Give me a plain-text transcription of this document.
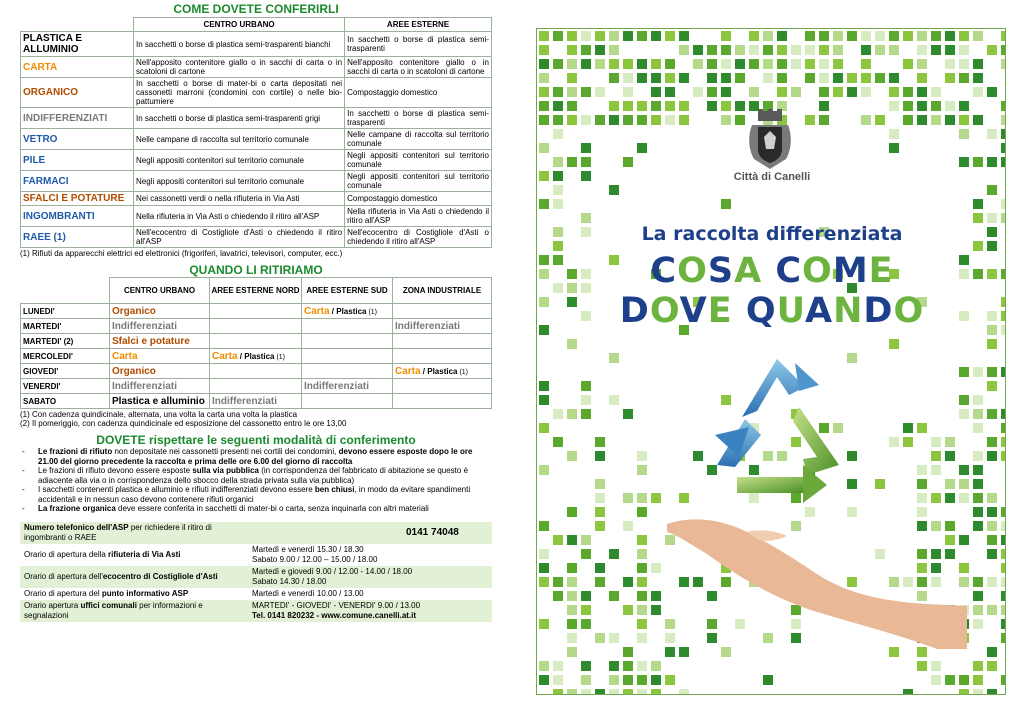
COME DOVETE CONFERIRLI
	CENTRO URBANO	AREE ESTERNE
PLASTICA E ALLUMINIO	In sacchetti o borse di plastica semi-trasparenti bianchi	In sacchetti o borse di plastica semi-trasparenti
CARTA	Nell'apposito contenitore giallo o in sacchi di carta o in scatoloni di cartone	Nell'apposito contenitore giallo o in sacchi di carta o in scatoloni di cartone
ORGANICO	In sacchetti o borse di mater-bi o carta depositati nei cassonetti marroni (condomini con cortile) o nelle bio-pattumiere	Compostaggio domestico
INDIFFERENZIATI	In sacchetti o borse di plastica semi-trasparenti grigi	In sacchetti o borse di plastica semi-trasparenti
VETRO	Nelle campane di raccolta sul territorio comunale	Nelle campane di raccolta sul territorio comunale
PILE	Negli appositi contenitori sul territorio comunale	Negli appositi contenitori sul territorio comunale
FARMACI	Negli appositi contenitori sul territorio comunale	Negli appositi contenitori sul territorio comunale
SFALCI E POTATURE	Nei cassonetti verdi o nella rifiuteria in Via Asti	Compostaggio domestico
INGOMBRANTI	Nella rifiuteria in Via Asti o chiedendo il ritiro all'ASP	Nella rifiuteria in Via Asti o chiedendo il ritiro all'ASP
RAEE (1)	Nell'ecocentro di Costigliole d'Asti o chiedendo il ritiro all'ASP	Nell'ecocentro di Costigliole d'Asti o chiedendo il ritiro all'ASP
(1) Rifiuti da apparecchi elettrici ed elettronici (frigoriferi, lavatrici, televisori, computer, ecc.)
QUANDO LI RITIRIAMO
	CENTRO URBANO	AREE ESTERNE NORD	AREE ESTERNE SUD	ZONA INDUSTRIALE
LUNEDI'	Organico		Carta / Plastica (1)	
MARTEDI'	Indifferenziati			Indifferenziati
MARTEDI' (2)	Sfalci e potature			
MERCOLEDI'	Carta	Carta / Plastica (1)		
GIOVEDI'	Organico			Carta / Plastica (1)
VENERDI'	Indifferenziati		Indifferenziati	
SABATO	Plastica e alluminio	Indifferenziati		
(1) Con cadenza quindicinale, alternata, una volta la carta una volta la plastica
(2) Il pomeriggio, con cadenza quindicinale ed esposizione del cassonetto entro le ore 13,00
DOVETE rispettare le seguenti modalità di conferimento
- Le frazioni di rifiuto non depositate nei cassonetti presenti nei cortili dei condomini, devono essere esposte dopo le ore 21.00 del giorno precedente la raccolta e prima delle ore 6.00 del giorno di raccolta
- Le frazioni di rifiuto devono essere esposte sulla via pubblica (in corrispondenza del fabbricato di abitazione se questo è adiacente alla via o in corrispondenza dello sbocco della strada privata sulla via pubblica)
- I sacchetti contenenti plastica e alluminio e rifiuti indifferenziati devono essere ben chiusi, in modo da evitare spandimenti accidentali e in nessun caso devono contenere rifiuti organici
- La frazione organica deve essere conferita in sacchetti di mater-bi o carta, senza inquinarla con altri materiali
Numero telefonico dell'ASP per richiedere il ritiro di ingombranti o RAEE	0141 74048
Orario di apertura della rifiuteria di Via Asti	Martedì e venerdì 15.30 / 18.30
Sabato 9.00 / 12.00 – 15.00 / 18.00

Orario di apertura dell'ecocentro di Costigliole d'Asti	Martedì e giovedì 9.00 / 12.00 - 14.00 / 18.00
Sabato 14.30 / 18.00

Orario di apertura del punto informativo ASP	Martedì e venerdì 10.00 / 13.00

Orario apertura uffici comunali per informazioni e segnalazioni	MARTEDI' - GIOVEDI' - VENERDI' 9.00 / 13.00
Tel. 0141 820232 - www.comune.canelli.at.it
Città di Canelli
La raccolta differenziata
COSA COME
DOVE QUANDO
